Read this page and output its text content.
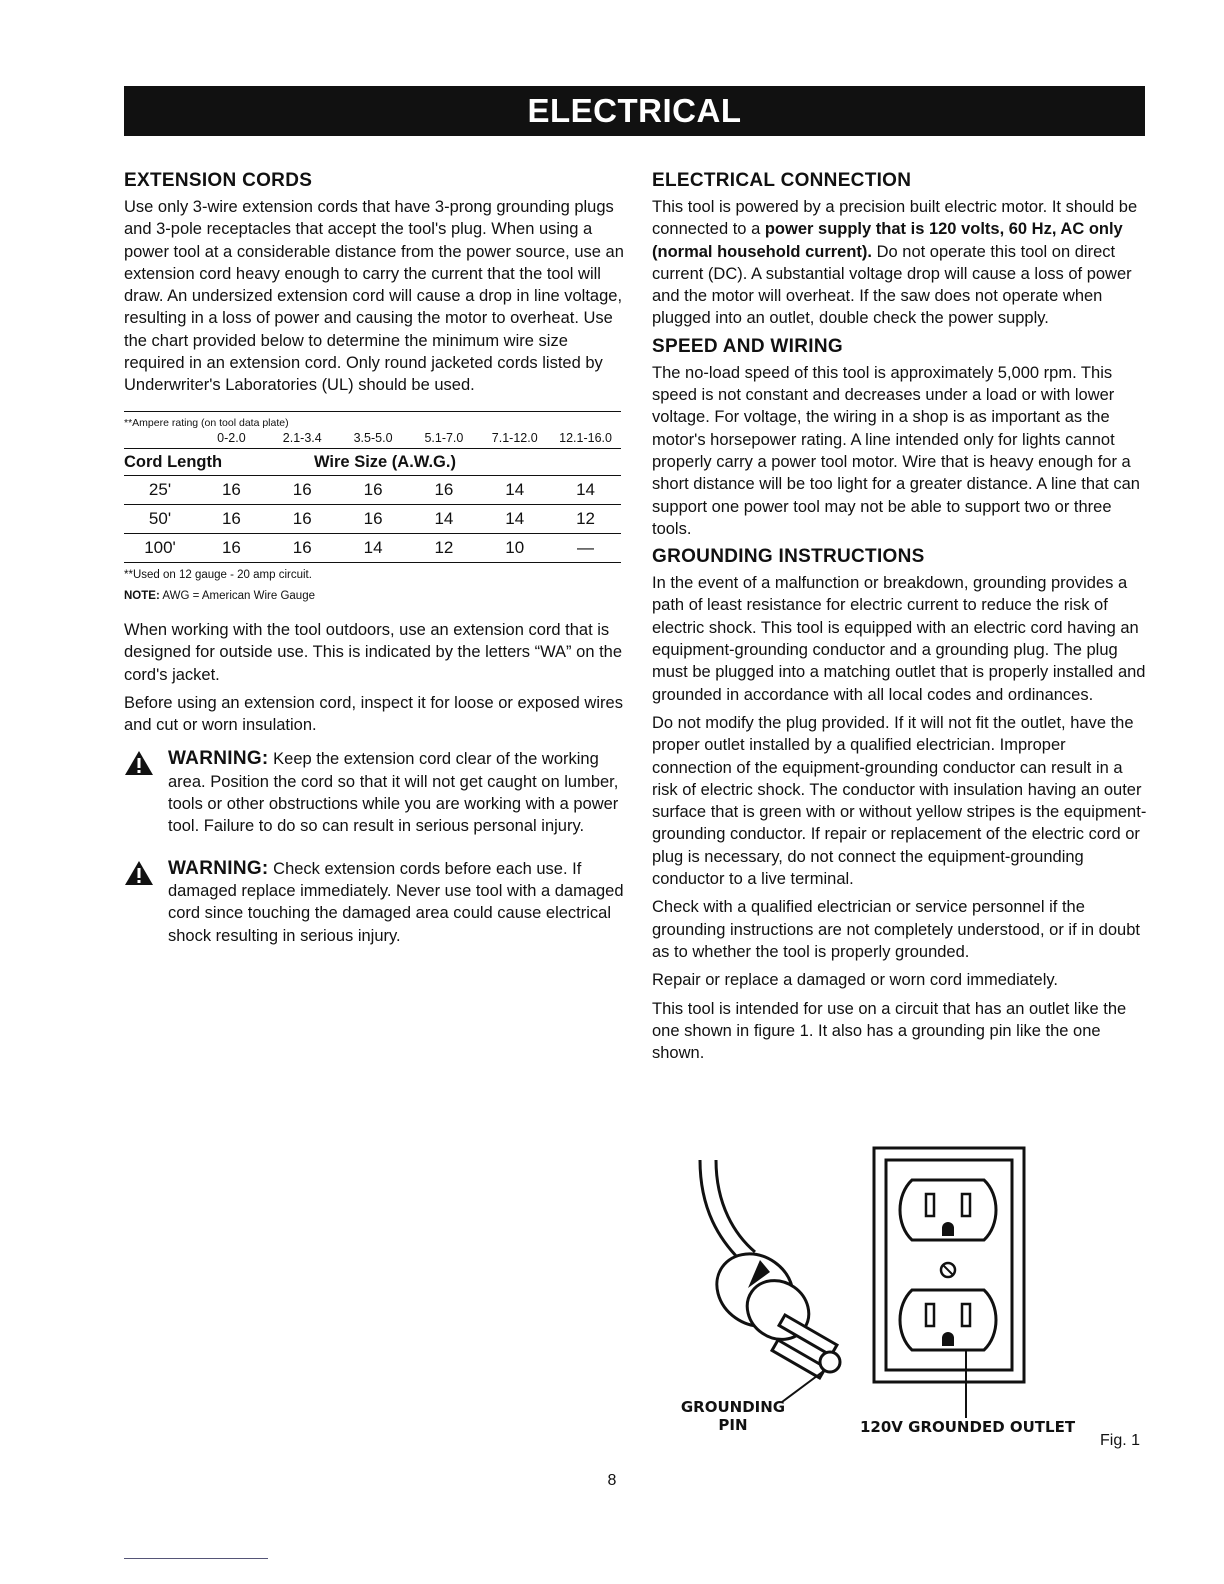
ELECTRICAL
EXTENSION CORDS

Use only 3-wire extension cords that have 3-prong grounding plugs and 3-pole receptacles that accept the tool's plug. When using a power tool at a considerable distance from the power source, use an extension cord heavy enough to carry the current that the tool will draw. An undersized extension cord will cause a drop in line voltage, resulting in a loss of power and causing the motor to overheat. Use the chart provided below to determine the minimum wire size required in an extension cord. Only round jacketed cords listed by Underwriter's Laboratories (UL) should be used.

**Ampere rating (on tool data plate)
0-2.0	2.1-3.4	3.5-5.0	5.1-7.0	7.1-12.0	12.1-16.0
Cord Length	Wire Size (A.W.G.)
25'	16	16	16	16	14	14
50'	16	16	16	14	14	12
100'	16	16	14	12	10	—
**Used on 12 gauge - 20 amp circuit.
NOTE: AWG = American Wire Gauge

When working with the tool outdoors, use an extension cord that is designed for outside use. This is indicated by the letters “WA” on the cord's jacket.

Before using an extension cord, inspect it for loose or exposed wires and cut or worn insulation.

WARNING: Keep the extension cord clear of the working area. Position the cord so that it will not get caught on lumber, tools or other obstructions while you are working with a power tool. Failure to do so can result in serious personal injury.
WARNING: Check extension cords before each use. If damaged replace immediately. Never use tool with a damaged cord since touching the damaged area could cause electrical shock resulting in serious injury.
ELECTRICAL CONNECTION

This tool is powered by a precision built electric motor. It should be connected to a power supply that is 120 volts, 60 Hz, AC only (normal household current). Do not operate this tool on direct current (DC). A substantial voltage drop will cause a loss of power and the motor will overheat. If the saw does not operate when plugged into an outlet, double check the power supply.

SPEED AND WIRING

The no-load speed of this tool is approximately 5,000 rpm. This speed is not constant and decreases under a load or with lower voltage. For voltage, the wiring in a shop is as important as the motor's horsepower rating. A line intended only for lights cannot properly carry a power tool motor. Wire that is heavy enough for a short distance will be too light for a greater distance. A line that can support one power tool may not be able to support two or three tools.

GROUNDING INSTRUCTIONS

In the event of a malfunction or breakdown, grounding provides a path of least resistance for electric current to reduce the risk of electric shock. This tool is equipped with an electric cord having an equipment-grounding conductor and a grounding plug. The plug must be plugged into a matching outlet that is properly installed and grounded in accordance with all local codes and ordinances.

Do not modify the plug provided. If it will not fit the outlet, have the proper outlet installed by a qualified electrician. Improper connection of the equipment-grounding conductor can result in a risk of electric shock. The conductor with insulation having an outer surface that is green with or without yellow stripes is the equipment-grounding conductor. If repair or replacement of the electric cord or plug is necessary, do not connect the equipment-grounding conductor to a live terminal.

Check with a qualified electrician or service personnel if the grounding instructions are not completely understood, or if in doubt as to whether the tool is properly grounded.

Repair or replace a damaged or worn cord immediately.

This tool is intended for use on a circuit that has an outlet like the one shown in figure 1. It also has a grounding pin like the one shown.

GROUNDING
PIN	120V GROUNDED OUTLET
Fig. 1
8
